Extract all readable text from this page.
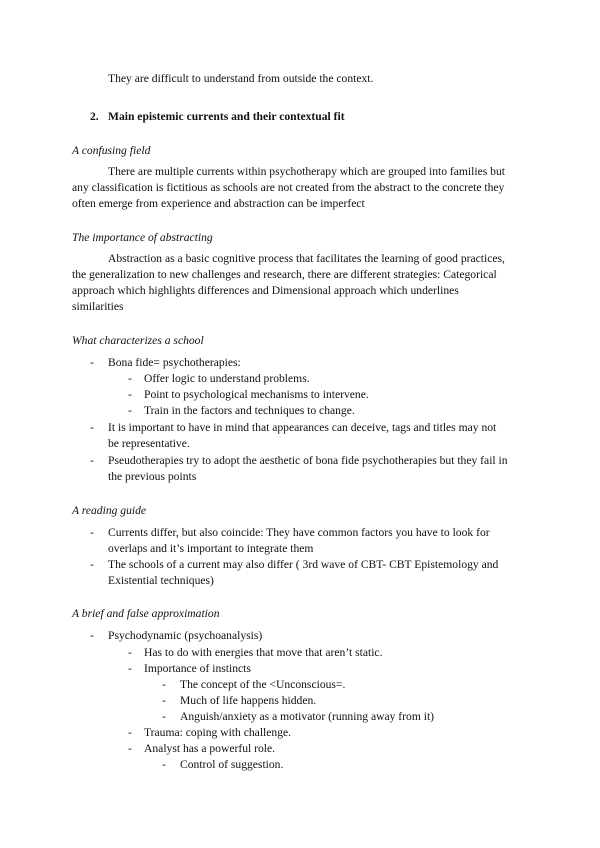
They are difficult to understand from outside the context.
2. Main epistemic currents and their contextual fit
A confusing field
There are multiple currents within psychotherapy which are grouped into families but
any classification is fictitious as schools are not created from the abstract to the concrete they
often emerge from experience and abstraction can be imperfect
The importance of abstracting
Abstraction as a basic cognitive process that facilitates the learning of good practices,
the generalization to new challenges and research, there are different strategies: Categorical
approach which highlights differences and Dimensional approach which underlines
similarities
What characterizes a school
- Bona fide= psychotherapies:
- Offer logic to understand problems.
- Point to psychological mechanisms to intervene.
- Train in the factors and techniques to change.
- It is important to have in mind that appearances can deceive, tags and titles may not
be representative.
- Pseudotherapies try to adopt the aesthetic of bona fide psychotherapies but they fail in
the previous points
A reading guide
- Currents differ, but also coincide: They have common factors you have to look for
overlaps and it’s important to integrate them
- The schools of a current may also differ ( 3rd wave of CBT- CBT Epistemology and
Existential techniques)
A brief and false approximation
- Psychodynamic (psychoanalysis)
- Has to do with energies that move that aren’t static.
- Importance of instincts
- The concept of the <Unconscious=.
- Much of life happens hidden.
- Anguish/anxiety as a motivator (running away from it)
- Trauma: coping with challenge.
- Analyst has a powerful role.
- Control of suggestion.
